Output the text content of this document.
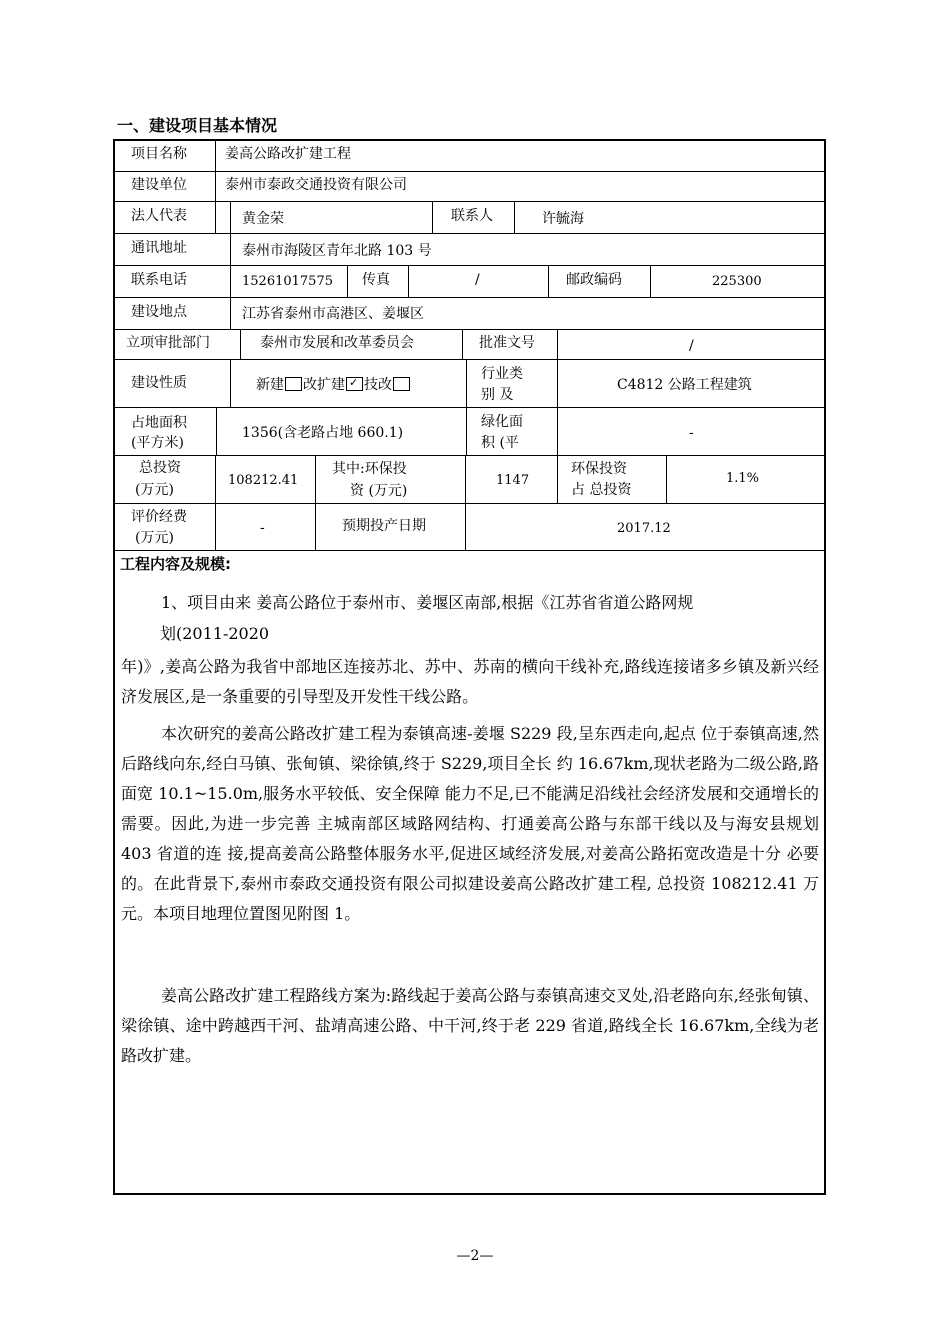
一、建设项目基本情况
项目名称	姜高公路改扩建工程
建设单位	泰州市泰政交通投资有限公司
法人代表	黄金荣	联系人	许毓海
通讯地址	泰州市海陵区青年北路 103 号
联系电话	15261017575 传真	/	邮政编码	225300
建设地点	江苏省泰州市高港区、姜堰区
立项审批部门	泰州市发展和改革委员会	批准文号	/
建设性质	新建 改扩建✓ 技改
行业类
别 及
C4812 公路工程建筑
占地面积
(平方米)
1356(含老路占地 660.1)
绿化面
积 (平
-
总投资
(万元)
108212.41
其中:环保投
资 (万元)
1147
环保投资
占 总投资
1.1%
评价经费
(万元)
-	预期投产日期	2017.12
工程内容及规模:
1、项目由来 姜高公路位于泰州市、姜堰区南部,根据《江苏省省道公路网规
划(2011-2020
年)》,姜高公路为我省中部地区连接苏北、苏中、苏南的横向干线补充,路线连接诸多乡镇及新兴经济发展区,是一条重要的引导型及开发性干线公路。
本次研究的姜高公路改扩建工程为泰镇高速-姜堰 S229 段,呈东西走向,起点 位于泰镇高速,然后路线向东,经白马镇、张甸镇、梁徐镇,终于 S229,项目全长 约 16.67km,现状老路为二级公路,路面宽 10.1~15.0m,服务水平较低、安全保障 能力不足,已不能满足沿线社会经济发展和交通增长的需要。因此,为进一步完善 主城南部区域路网结构、打通姜高公路与东部干线以及与海安县规划 403 省道的连 接,提高姜高公路整体服务水平,促进区域经济发展,对姜高公路拓宽改造是十分 必要的。在此背景下,泰州市泰政交通投资有限公司拟建设姜高公路改扩建工程, 总投资 108212.41 万元。本项目地理位置图见附图 1。
姜高公路改扩建工程路线方案为:路线起于姜高公路与泰镇高速交叉处,沿老路向东,经张甸镇、梁徐镇、途中跨越西干河、盐靖高速公路、中干河,终于老 229 省道,路线全长 16.67km,全线为老路改扩建。
—2—
